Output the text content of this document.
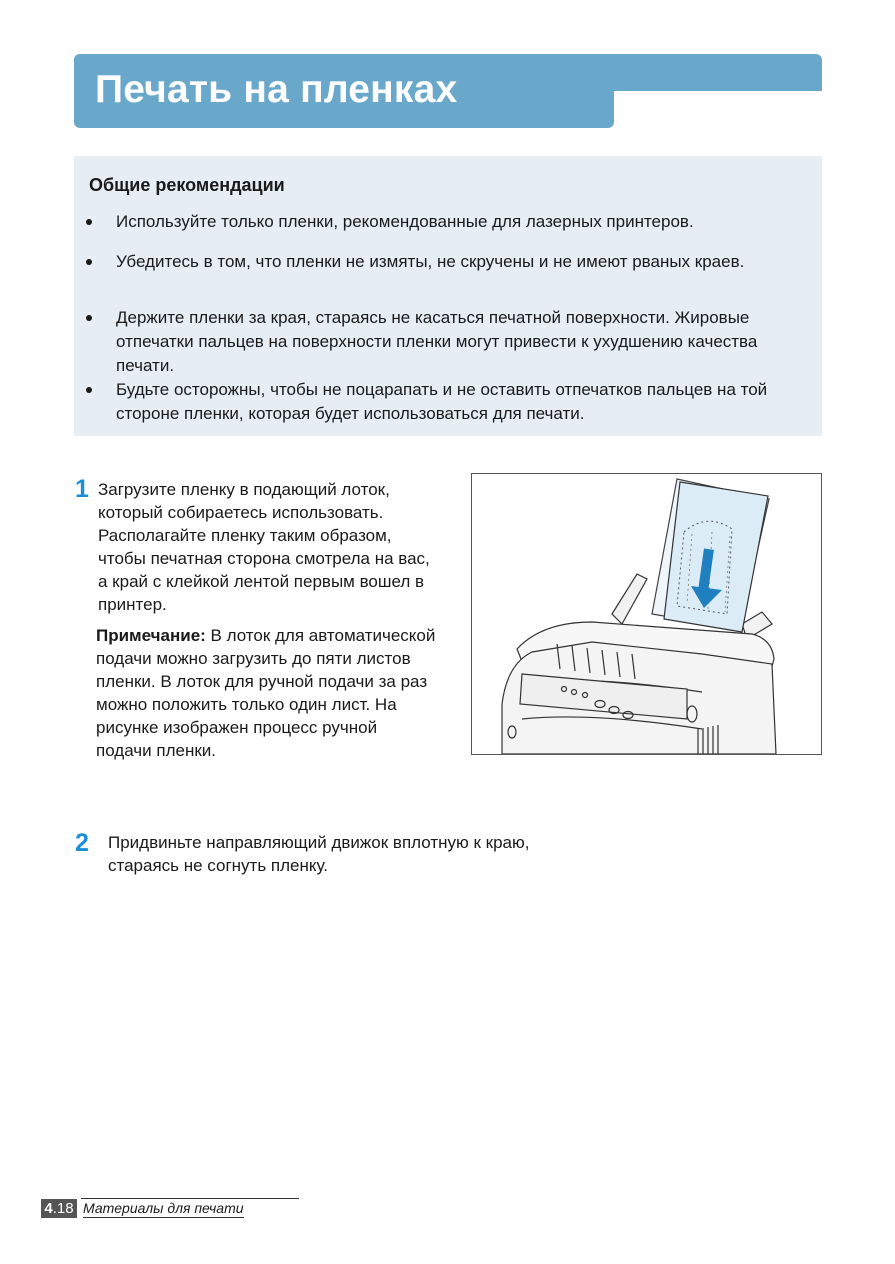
Печать на пленках
Общие рекомендации
Используйте только пленки, рекомендованные для лазерных принтеров.
Убедитесь в том, что пленки не измяты, не скручены и не имеют рваных краев.
Держите пленки за края, стараясь не касаться печатной поверхности. Жировые отпечатки пальцев на поверхности пленки могут привести к ухудшению качества печати.
Будьте осторожны, чтобы не поцарапать и не оставить отпечатков пальцев на той стороне пленки, которая будет использоваться для печати.
1 Загрузите пленку в подающий лоток,
который собираетесь использовать.
Располагайте пленку таким образом,
чтобы печатная сторона смотрела на вас,
а край с клейкой лентой первым вошел в
принтер.
Примечание: В лоток для автоматической
подачи можно загрузить до пяти листов
пленки. В лоток для ручной подачи за раз
можно положить только один лист. На
рисунке изображен процесс ручной
подачи пленки.
2 Придвиньте направляющий движок вплотную к краю,
стараясь не согнуть пленку.
4.18 Материалы для печати
